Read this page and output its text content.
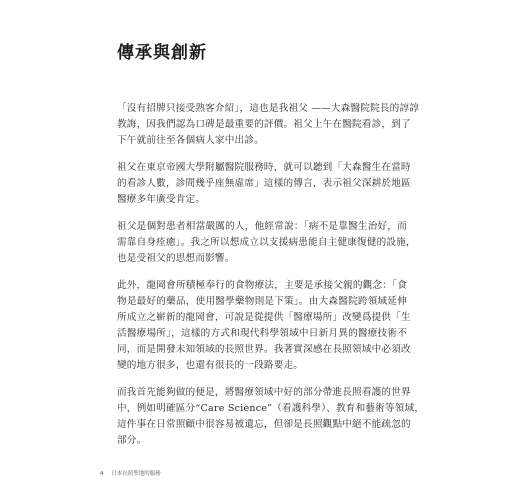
傳承與創新

「沒有招牌只接受熟客介紹」，這也是我祖父 ——大森醫院院長的諄諄
教誨，因我們認為口碑是最重要的評價。祖父上午在醫院看診，到了
下午就前往至各個病人家中出診。

祖父在東京帝國大學附屬醫院服務時，就可以聽到「大森醫生在當時
的看診人數，診間幾乎座無虛席」這樣的傳言，表示祖父深耕於地區
醫療多年廣受肯定。

祖父是個對患者相當嚴厲的人，他經常說：「病不是靠醫生治好，而
需靠自身痊癒」。我之所以想成立以支援病患能自主健康復健的設施，
也是受祖父的思想而影響。

此外，龍岡會所積極奉行的食物療法，主要是承接父親的觀念：「食
物是最好的藥品，使用醫學藥物則是下策」。由大森醫院跨領域延伸
所成立之嶄新的龍岡會，可說是從提供「醫療場所」改變爲提供「生
活醫療場所」，這樣的方式和現代科學領域中日新月異的醫療技術不
同，而是開發未知領域的長照世界。我著實深感在長照領域中必須改
變的地方很多，也還有很長的一段路要走。

而我首先能夠做的便是，將醫療領域中好的部分帶進長照看護的世界
中，例如明確區分“Care Science”（看護科學）、教育和藝術等領域，
這件事在日常照顧中很容易被遺忘，但卻是長照觀點中絕不能疏忽的
部分。

4 日本長照聖地的服務
